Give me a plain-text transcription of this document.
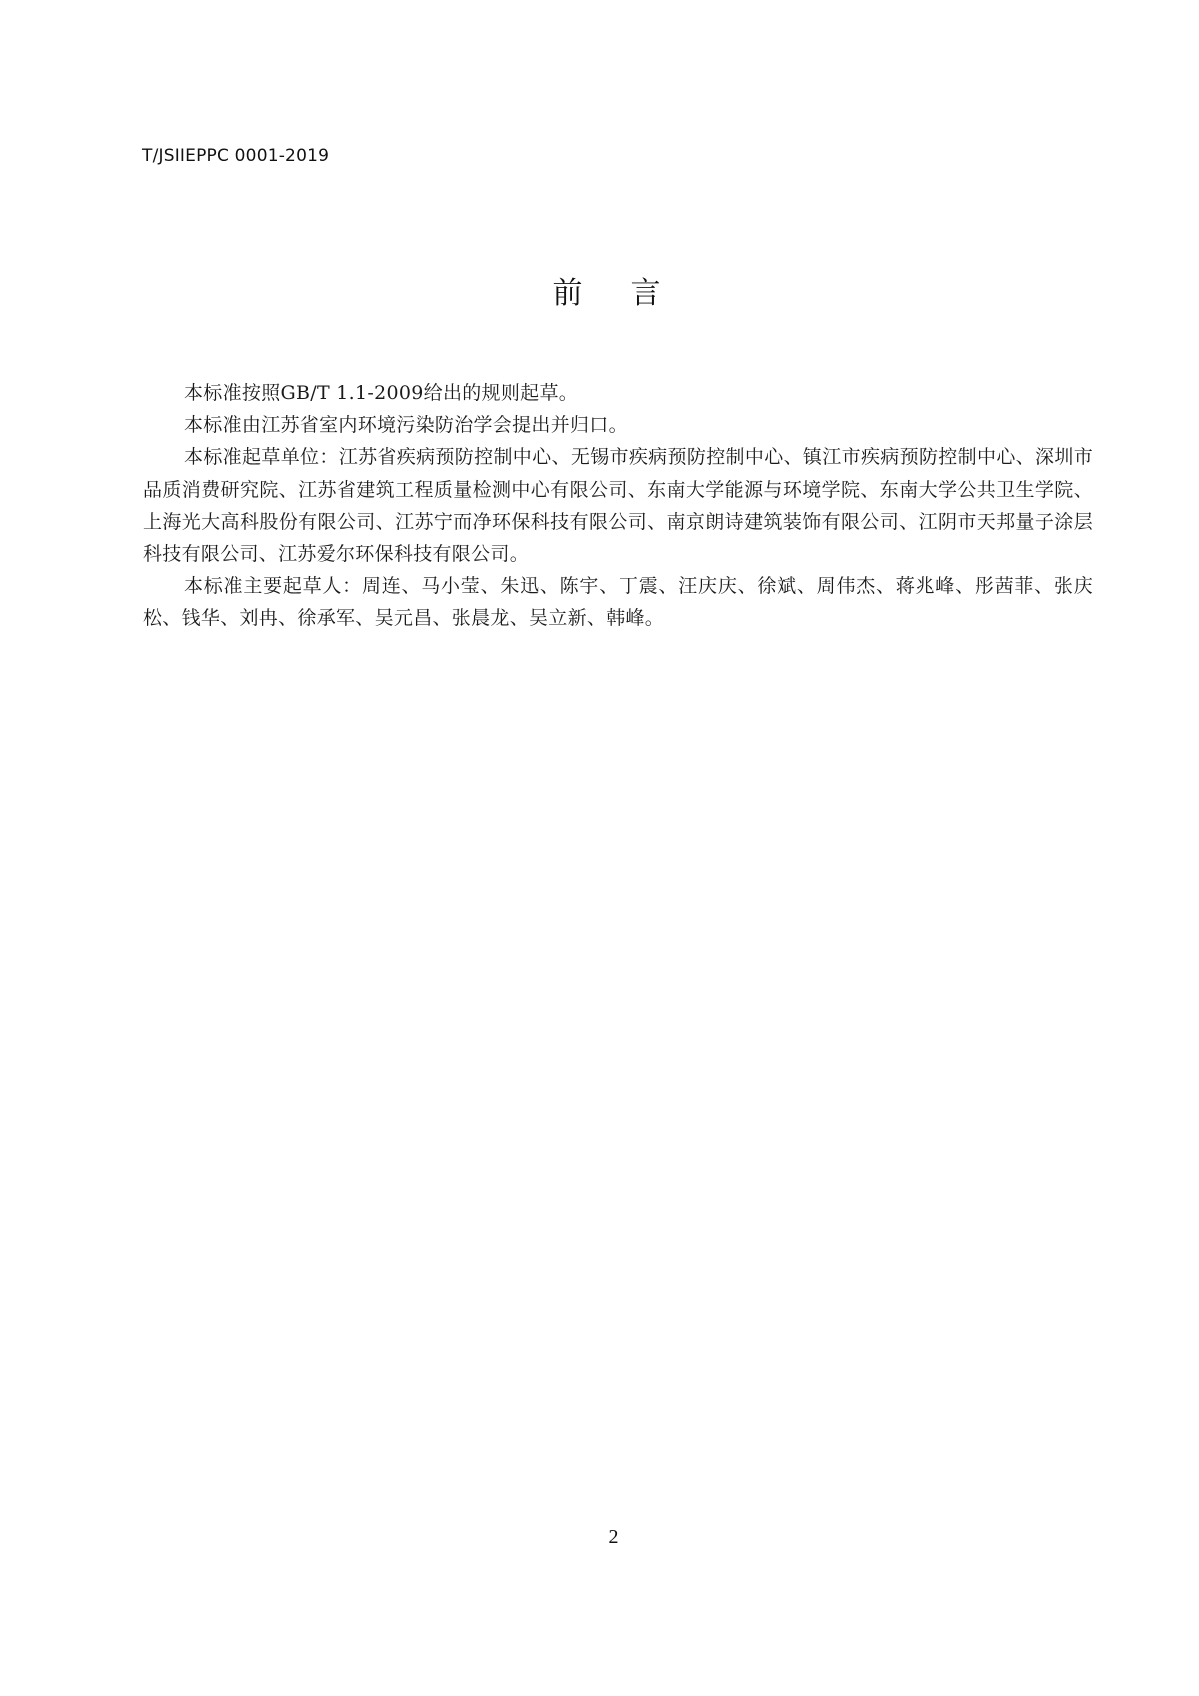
T/JSIIEPPC 0001-2019
前 言

本标准按照GB/T 1.1-2009给出的规则起草。

本标准由江苏省室内环境污染防治学会提出并归口。

本标准起草单位：江苏省疾病预防控制中心、无锡市疾病预防控制中心、镇江市疾病预防控制中心、深圳市品质消费研究院、江苏省建筑工程质量检测中心有限公司、东南大学能源与环境学院、东南大学公共卫生学院、上海光大高科股份有限公司、江苏宁而净环保科技有限公司、南京朗诗建筑装饰有限公司、江阴市天邦量子涂层科技有限公司、江苏爱尔环保科技有限公司。

本标准主要起草人：周连、马小莹、朱迅、陈宇、丁震、汪庆庆、徐斌、周伟杰、蒋兆峰、彤茜菲、张庆松、钱华、刘冉、徐承军、吴元昌、张晨龙、吴立新、韩峰。

2
